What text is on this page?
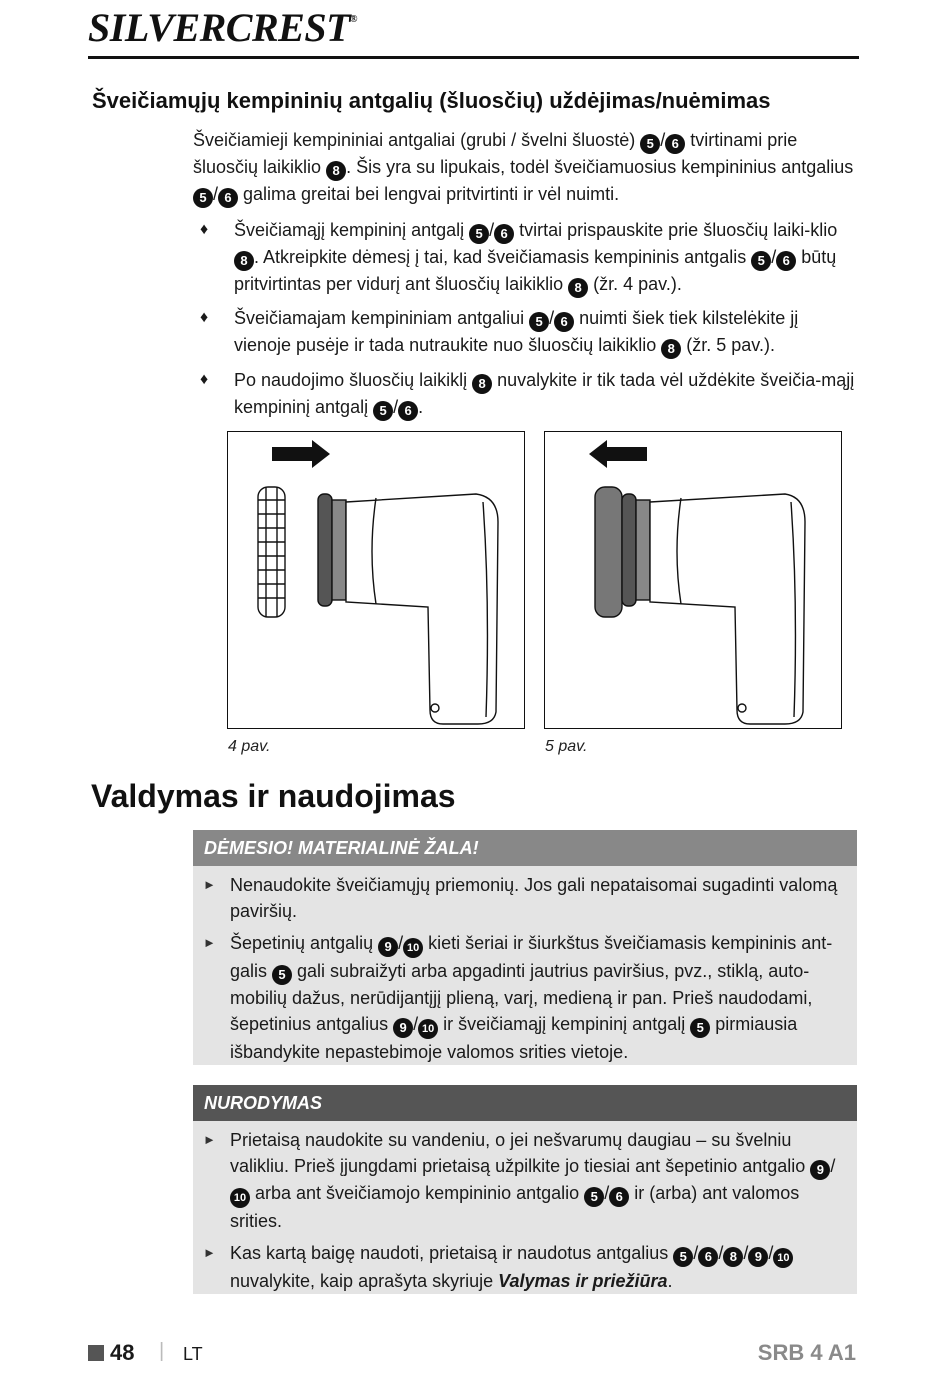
SILVERCREST®
Šveičiamųjų kempininių antgalių (šluosčių) uždėjimas/nuėmimas
Šveičiamieji kempininiai antgaliai (grubi / švelni šluostė) 5 / 6 tvirtinami prie šluosčių laikiklio 8 . Šis yra su lipukais, todėl šveičiamuosius kempininius antgalius 5 / 6 galima greitai bei lengvai pritvirtinti ir vėl nuimti.
♦ Šveičiamąjį kempininį antgalį 5 / 6 tvirtai prispauskite prie šluosčių laiki-klio 8 . Atkreipkite dėmesį į tai, kad šveičiamasis kempininis antgalis 5 / 6 būtų pritvirtintas per vidurį ant šluosčių laikiklio 8 (žr. 4 pav.).
♦ Šveičiamajam kempininiam antgaliui 5 / 6 nuimti šiek tiek kilstelėkite jį vienoje pusėje ir tada nutraukite nuo šluosčių laikiklio 8 (žr. 5 pav.).
♦ Po naudojimo šluosčių laikiklį 8 nuvalykite ir tik tada vėl uždėkite šveičia-mąjį kempininį antgalį 5 / 6 .
4 pav.	5 pav.
Valdymas ir naudojimas
DĖMESIO! MATERIALINĖ ŽALA!
► Nenaudokite šveičiamųjų priemonių. Jos gali nepataisomai sugadinti valomą paviršių.
► Šepetinių antgalių 9 / 10 kieti šeriai ir šiurkštus šveičiamasis kempininis ant-galis 5 gali subraižyti arba apgadinti jautrius paviršius, pvz., stiklą, auto-mobilių dažus, nerūdijantįjį plieną, varį, medieną ir pan. Prieš naudodami, šepetinius antgalius 9 / 10 ir šveičiamąjį kempininį antgalį 5 pirmiausia išbandykite nepastebimoje valomos srities vietoje.
NURODYMAS
► Prietaisą naudokite su vandeniu, o jei nešvarumų daugiau – su švelniu valikliu. Prieš įjungdami prietaisą užpilkite jo tiesiai ant šepetinio antgalio 9 /10 arba ant šveičiamojo kempininio antgalio 5 / 6 ir (arba) ant valomos srities.
► Kas kartą baigę naudoti, prietaisą ir naudotus antgalius 5 / 6 / 8 / 9 / 10nuvalykite, kaip aprašyta skyriuje Valymas ir priežiūra.
48 | LT	SRB 4 A1
